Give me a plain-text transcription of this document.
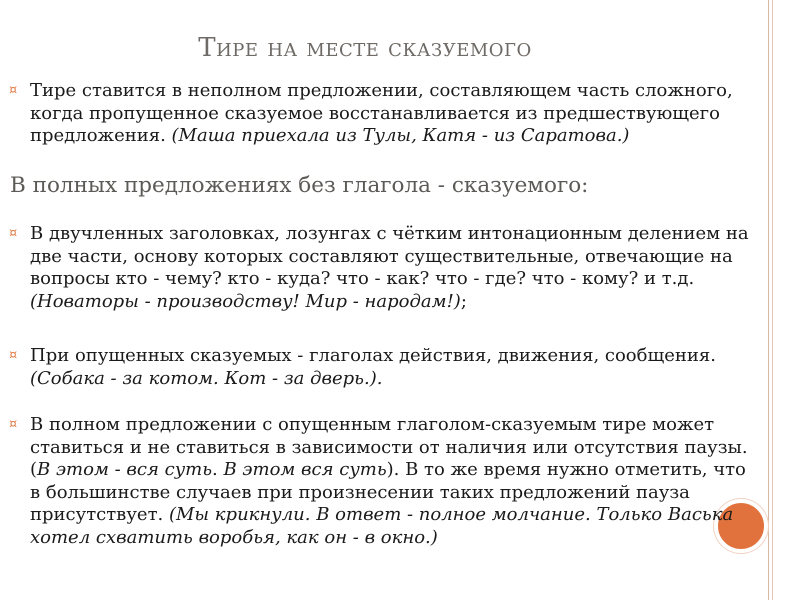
Тире на месте сказуемого
¤ Тире ставится в неполном предложении, составляющем часть сложного, когда пропущенное сказуемое восстанавливается из предшествующего предложения. (Маша приехала из Тулы, Катя - из Саратова.)
В полных предложениях без глагола - сказуемого:
¤ В двучленных заголовках, лозунгах с чётким интонационным делением на две части, основу которых составляют существительные, отвечающие на вопросы кто - чему? кто - куда? что - как? что - где? что - кому? и т.д. (Новаторы - производству! Мир - народам!);
¤ При опущенных сказуемых - глаголах действия, движения, сообщения. (Собака - за котом. Кот - за дверь.).
¤ В полном предложении с опущенным глаголом-сказуемым тире может ставиться и не ставиться в зависимости от наличия или отсутствия паузы. (В этом - вся суть. В этом вся суть). В то же время нужно отметить, что в большинстве случаев при произнесении таких предложений пауза присутствует. (Мы крикнули. В ответ - полное молчание. Только Васька хотел схватить воробья, как он - в окно.)
